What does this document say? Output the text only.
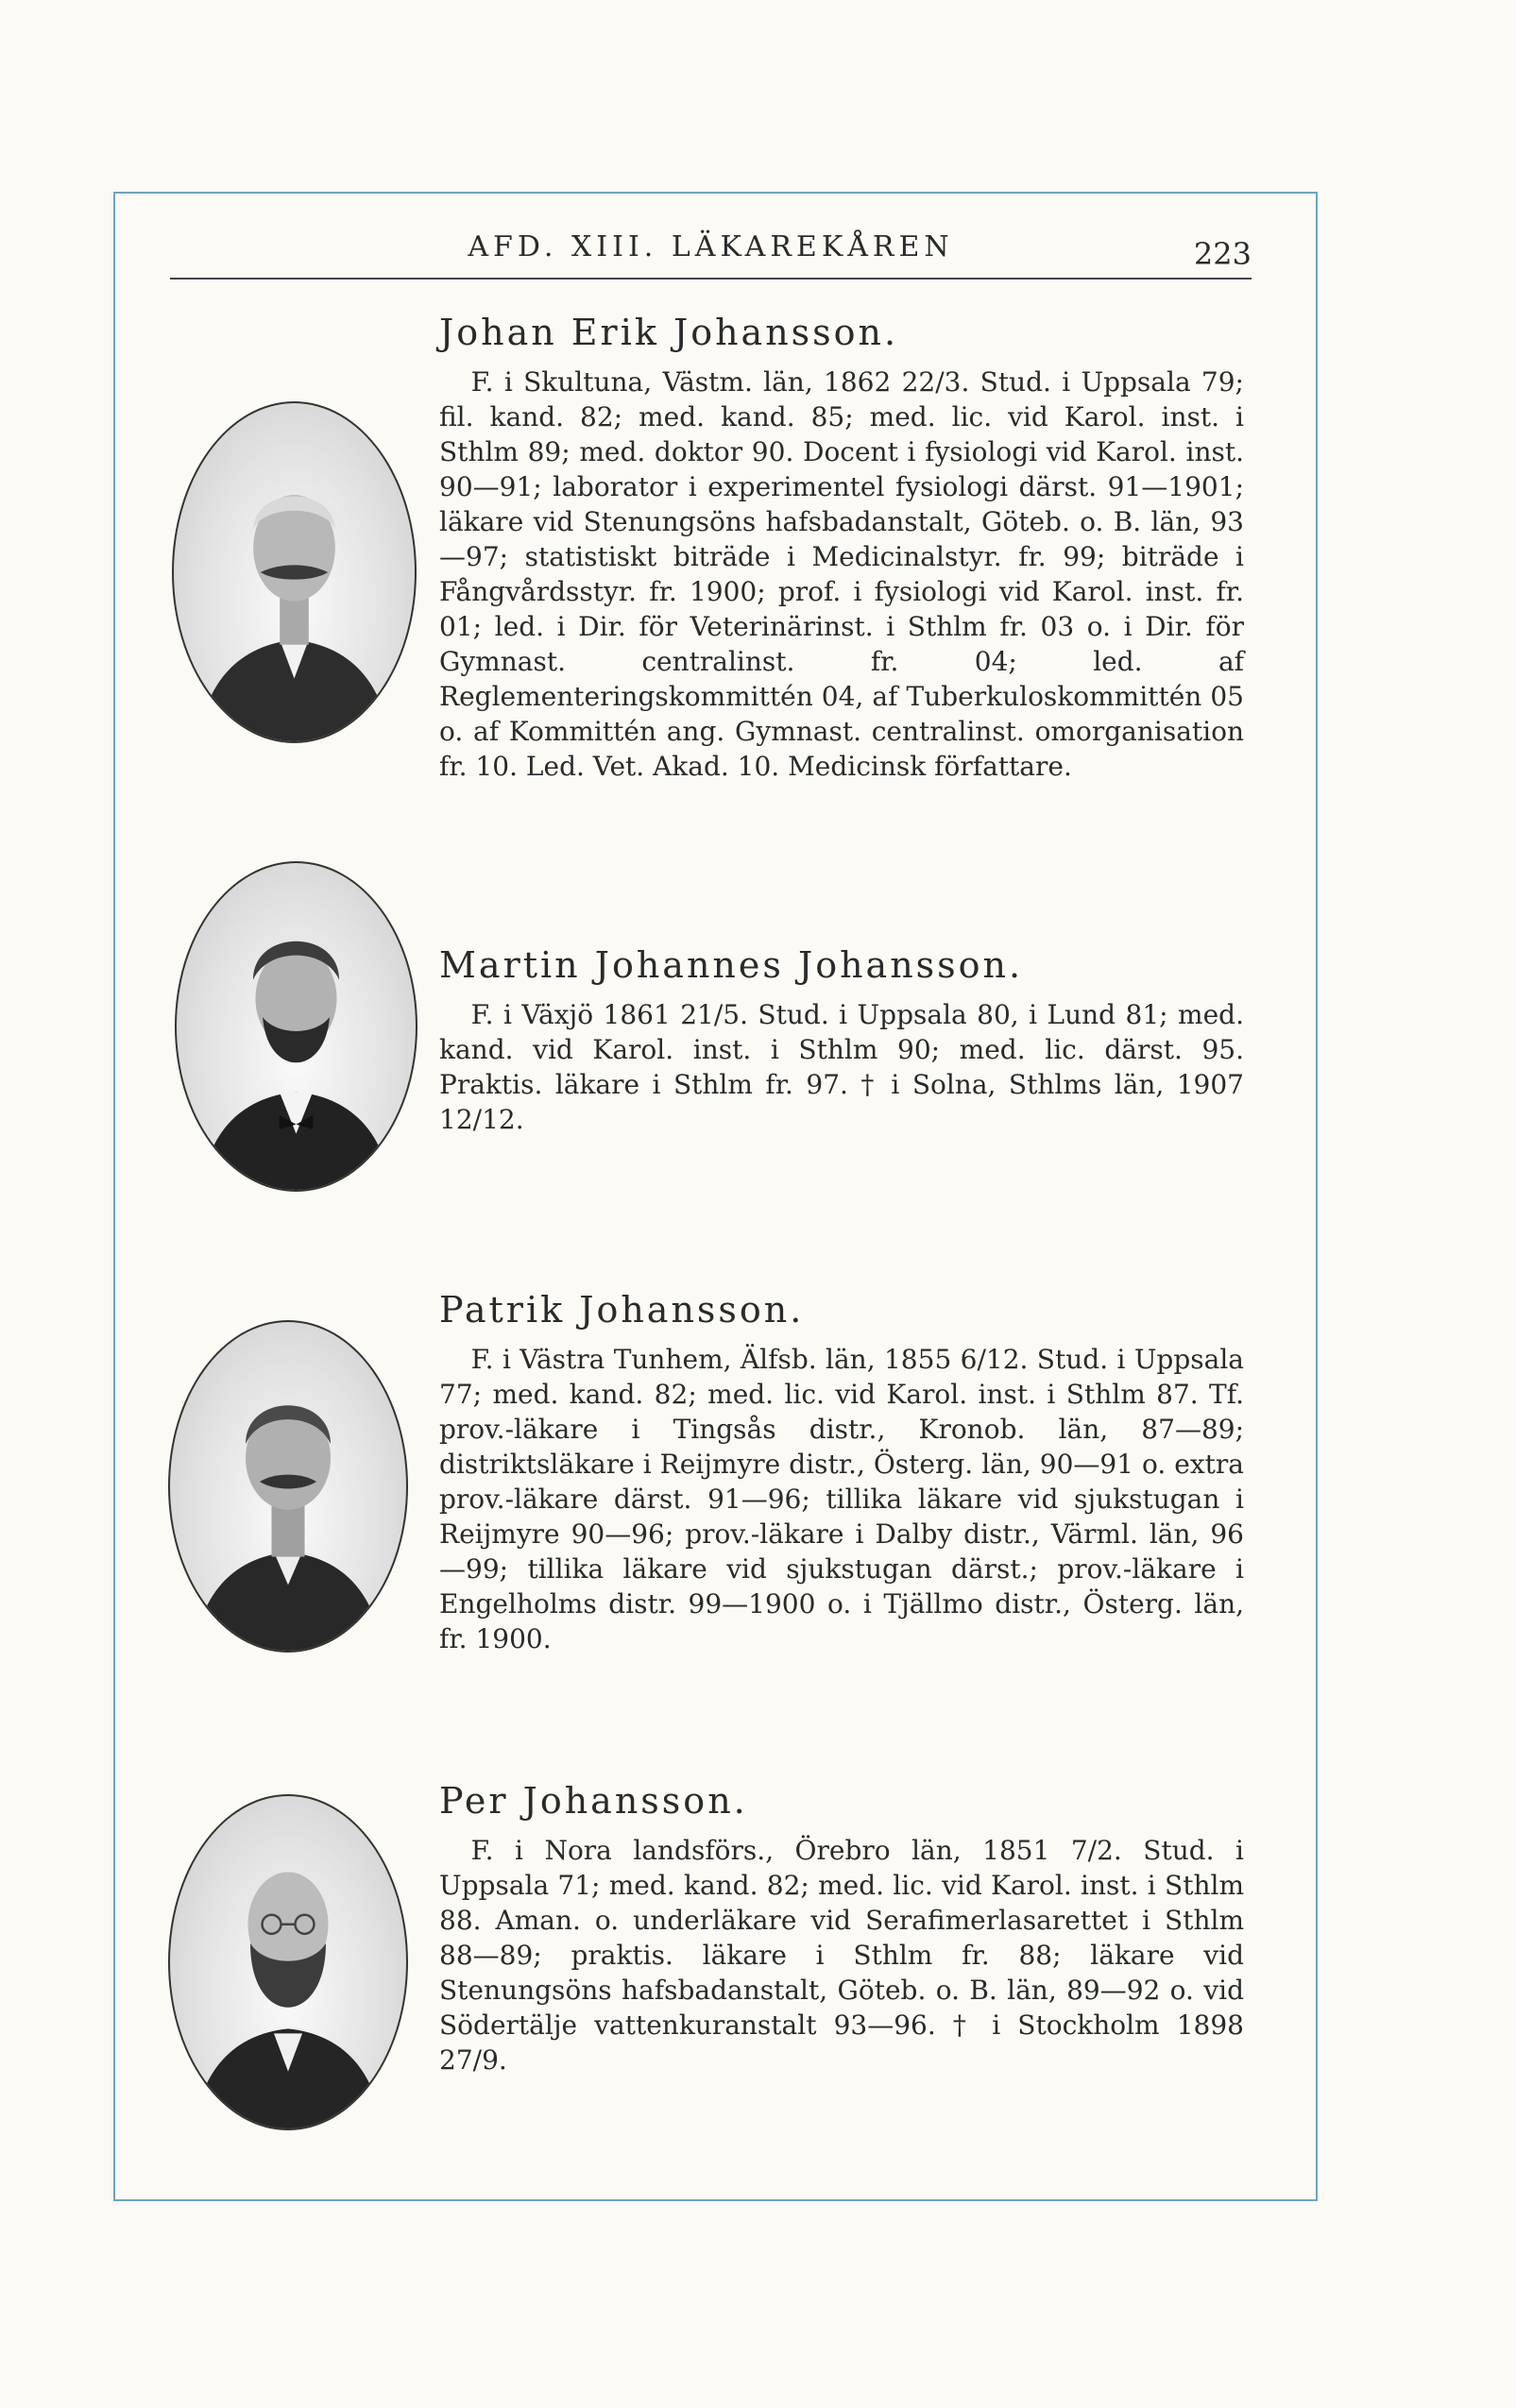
AFD. XIII. LÄKAREKÅREN	223
Johan Erik Johansson.

F. i Skultuna, Västm. län, 1862 22/3. Stud. i Uppsala 79; fil. kand. 82; med. kand. 85; med. lic. vid Karol. inst. i Sthlm 89; med. doktor 90. Docent i fysiologi vid Karol. inst. 90—91; laborator i experimentel fysiologi därst. 91—1901; läkare vid Stenungsöns hafsbadanstalt, Göteb. o. B. län, 93—97; statistiskt biträde i Medicinalstyr. fr. 99; biträde i Fångvårdsstyr. fr. 1900; prof. i fysiologi vid Karol. inst. fr. 01; led. i Dir. för Veterinärinst. i Sthlm fr. 03 o. i Dir. för Gymnast. centralinst. fr. 04; led. af Reglementeringskommittén 04, af Tuberkuloskommittén 05 o. af Kommittén ang. Gymnast. centralinst. omorganisation fr. 10. Led. Vet. Akad. 10. Medicinsk författare.

Martin Johannes Johansson.

F. i Växjö 1861 21/5. Stud. i Uppsala 80, i Lund 81; med. kand. vid Karol. inst. i Sthlm 90; med. lic. därst. 95. Praktis. läkare i Sthlm fr. 97. † i Solna, Sthlms län, 1907 12/12.

Patrik Johansson.

F. i Västra Tunhem, Älfsb. län, 1855 6/12. Stud. i Uppsala 77; med. kand. 82; med. lic. vid Karol. inst. i Sthlm 87. Tf. prov.-läkare i Tingsås distr., Kronob. län, 87—89; distriktsläkare i Reijmyre distr., Österg. län, 90—91 o. extra prov.-läkare därst. 91—96; tillika läkare vid sjukstugan i Reijmyre 90—96; prov.-läkare i Dalby distr., Värml. län, 96—99; tillika läkare vid sjukstugan därst.; prov.-läkare i Engelholms distr. 99—1900 o. i Tjällmo distr., Österg. län, fr. 1900.

Per Johansson.

F. i Nora landsförs., Örebro län, 1851 7/2. Stud. i Uppsala 71; med. kand. 82; med. lic. vid Karol. inst. i Sthlm 88. Aman. o. underläkare vid Serafimerlasarettet i Sthlm 88—89; praktis. läkare i Sthlm fr. 88; läkare vid Stenungsöns hafsbadanstalt, Göteb. o. B. län, 89—92 o. vid Södertälje vattenkuranstalt 93—96. † i Stockholm 1898 27/9.
